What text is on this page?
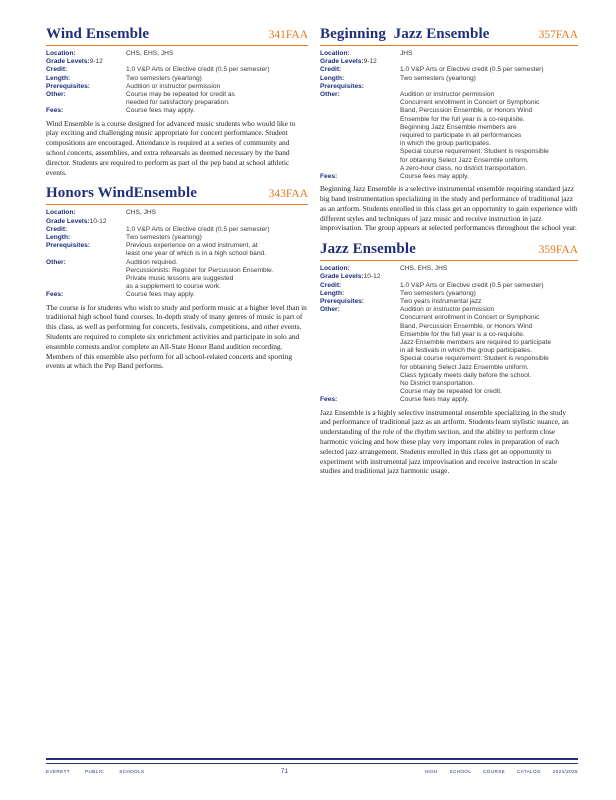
Wind Ensemble	341FAA
Location:	CHS, EHS, JHS
Grade Levels:9-12
Credit:	1.0 V&P Arts or Elective credit (0.5 per semester)
Length:	Two semesters (yearlong)
Prerequisites:	Audition or instructor permission
Other:	Course may be repeated for credit as
needed for satisfactory preparation.
Fees:	Course fees may apply.
Wind Ensemble is a course designed for advanced music students who would like to play exciting and challenging music appropriate for concert performance. Student compositions are encouraged. Attendance is required at a series of community and school concerts, assemblies, and extra rehearsals as deemed necessary by the band director. Students are required to perform as part of the pep band at school athletic events.
Honors WindEnsemble	343FAA
Location:	CHS, JHS
Grade Levels:10-12
Credit:	1.0 V&P Arts or Elective credit (0.5 per semester)
Length:	Two semesters (yearlong)
Prerequisites:	Previous experience on a wind instrument, at
least one year of which is in a high school band.
Other:	Audition required.
Percussionists: Register for Percussion Ensemble.
Private music lessons are suggested
as a supplement to course work.
Fees:	Course fees may apply.
The course is for students who wish to study and perform music at a higher level than in traditional high school band courses. In-depth study of many genres of music is part of this class, as well as performing for concerts, festivals, competitions, and other events. Students are required to complete six enrichment activities and participate in solo and ensemble contests and/or complete an All-State Honor Band audition recording. Members of this ensemble also perform for all school-related concerts and sporting events at which the Pep Band performs.
Beginning  Jazz Ensemble	357FAA
Location:	JHS
Grade Levels:9-12
Credit:	1.0 V&P Arts or Elective credit (0.5 per semester)
Length:	Two semesters (yearlong)
Prerequisites:
Other:	Audition or instructor permission
Concurrent enrollment in Concert or Symphonic
Band, Percussion Ensemble, or Honors Wind
Ensemble for the full year is a co-requisite.
Beginning Jazz Ensemble members are
required to participate in all performances
in which the group participates.
Special course requirement: Student is responsible
for obtaining Select Jazz Ensemble uniform.
A zero-hour class, no district transportation.
Fees:	Course fees may apply.
Beginning Jazz Ensemble is a selective instrumental ensemble requiring standard jazz big band instrumentation specializing in the study and performance of traditional jazz as an artform. Students enrolled in this class get an opportunity to gain experience with different styles and techniques of jazz music and receive instruction in jazz improvisation. The group appears at selected performances throughout the school year.
Jazz Ensemble	359FAA
Location:	CHS, EHS, JHS
Grade Levels:10-12
Credit:	1.0 V&P Arts or Elective credit (0.5 per semester)
Length:	Two semesters (yearlong)
Prerequisites:	Two years instrumental jazz
Other:	Audition or instructor permission
Concurrent enrollment in Concert or Symphonic
Band, Percussion Ensemble, or Honors Wind
Ensemble for the full year is a co-requisite.
Jazz Ensemble members are required to participate
in all festivals in which the group participates.
Special course requirement: Student is responsible
for obtaining Select Jazz Ensemble uniform.
Class typically meets daily before the school.
No District transportation.
Course may be repeated for credit.
Fees:	Course fees may apply.
Jazz Ensemble is a highly selective instrumental ensemble specializing in the study and performance of traditional jazz as an artform. Students learn stylistic nuance, an understanding of the role of the rhythm section, and the ability to perform close harmonic voicing and how these play very important roles in preparation of each selected jazz arrangement. Students enrolled in this class get an opportunity to experiment with instrumental jazz improvisation and receive instruction in scale studies and traditional jazz harmonic usage.
EVERETT	PUBLIC	SCHOOLS	71	HIGH	SCHOOL	COURSE	CATALOG	2024/2025
